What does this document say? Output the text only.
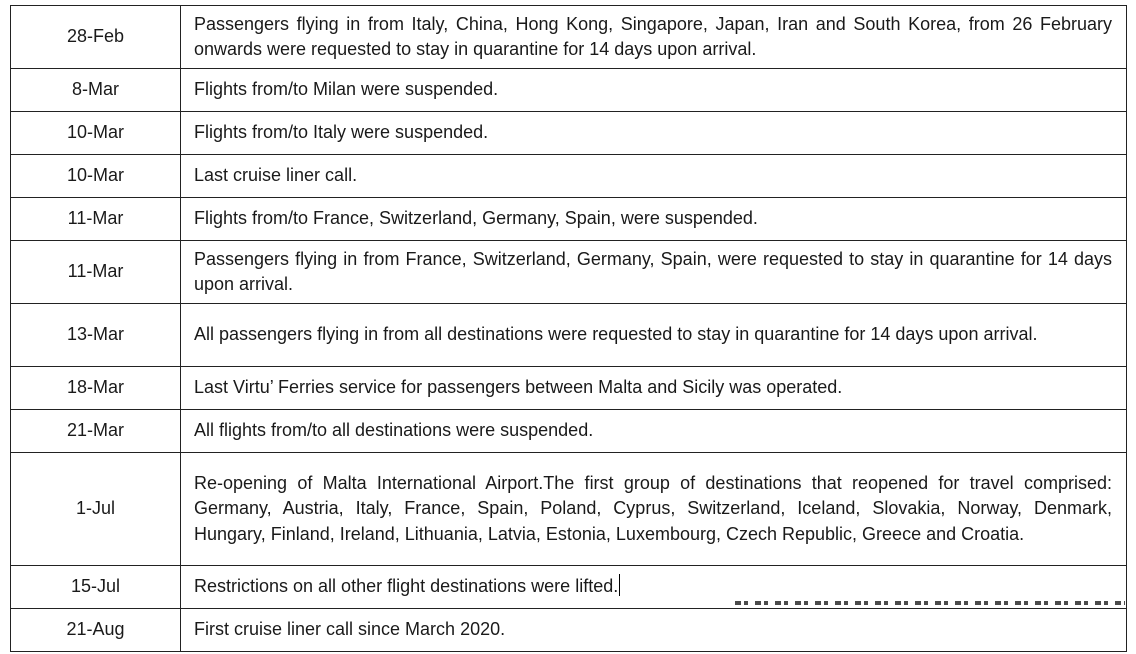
28-Feb	Passengers flying in from Italy, China, Hong Kong, Singapore, Japan, Iran and South Korea, from 26 February onwards were requested to stay in quarantine for 14 days upon arrival.
8-Mar	Flights from/to Milan were suspended.
10-Mar	Flights from/to Italy were suspended.
10-Mar	Last cruise liner call.
11-Mar	Flights from/to France, Switzerland, Germany, Spain, were suspended.
11-Mar	Passengers flying in from France, Switzerland, Germany, Spain, were requested to stay in quarantine for 14 days upon arrival.
13-Mar	All passengers flying in from all destinations were requested to stay in quarantine for 14 days upon arrival.
18-Mar	Last Virtu’ Ferries service for passengers between Malta and Sicily was operated.
21-Mar	All flights from/to all destinations were suspended.
1-Jul	Re-opening of Malta International Airport.The first group of destinations that reopened for travel comprised: Germany, Austria, Italy, France, Spain, Poland, Cyprus, Switzerland, Iceland, Slovakia, Norway, Denmark, Hungary, Finland, Ireland, Lithuania, Latvia, Estonia, Luxembourg, Czech Republic, Greece and Croatia.
15-Jul	Restrictions on all other flight destinations were lifted.
21-Aug	First cruise liner call since March 2020.
